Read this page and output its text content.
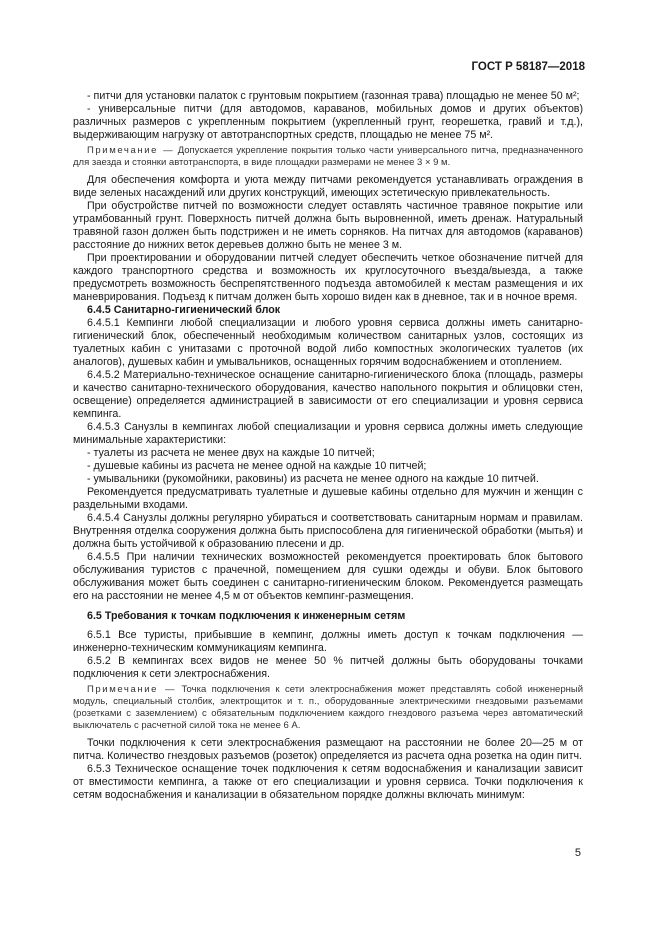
ГОСТ Р 58187—2018

- питчи для установки палаток с грунтовым покрытием (газонная трава) площадью не менее 50 м²;

- универсальные питчи (для автодомов, караванов, мобильных домов и других объектов) различных размеров с укрепленным покрытием (укрепленный грунт, георешетка, гравий и т.д.), выдерживающим нагрузку от автотранспортных средств, площадью не менее 75 м².

Примечание — Допускается укрепление покрытия только части универсального питча, предназначенного для заезда и стоянки автотранспорта, в виде площадки размерами не менее 3 × 9 м.

Для обеспечения комфорта и уюта между питчами рекомендуется устанавливать ограждения в виде зеленых насаждений или других конструкций, имеющих эстетическую привлекательность.

При обустройстве питчей по возможности следует оставлять частичное травяное покрытие или утрамбованный грунт. Поверхность питчей должна быть выровненной, иметь дренаж. Натуральный травяной газон должен быть подстрижен и не иметь сорняков. На питчах для автодомов (караванов) расстояние до нижних веток деревьев должно быть не менее 3 м.

При проектировании и оборудовании питчей следует обеспечить четкое обозначение питчей для каждого транспортного средства и возможность их круглосуточного въезда/выезда, а также предусмотреть возможность беспрепятственного подъезда автомобилей к местам размещения и их маневрирования. Подъезд к питчам должен быть хорошо виден как в дневное, так и в ночное время.

6.4.5 Санитарно-гигиенический блок

6.4.5.1 Кемпинги любой специализации и любого уровня сервиса должны иметь санитарно-гигиенический блок, обеспеченный необходимым количеством санитарных узлов, состоящих из туалетных кабин с унитазами с проточной водой либо компостных экологических туалетов (их аналогов), душевых кабин и умывальников, оснащенных горячим водоснабжением и отоплением.

6.4.5.2 Материально-техническое оснащение санитарно-гигиенического блока (площадь, размеры и качество санитарно-технического оборудования, качество напольного покрытия и облицовки стен, освещение) определяется администрацией в зависимости от его специализации и уровня сервиса кемпинга.

6.4.5.3 Санузлы в кемпингах любой специализации и уровня сервиса должны иметь следующие минимальные характеристики:

- туалеты из расчета не менее двух на каждые 10 питчей;

- душевые кабины из расчета не менее одной на каждые 10 питчей;

- умывальники (рукомойники, раковины) из расчета не менее одного на каждые 10 питчей.

Рекомендуется предусматривать туалетные и душевые кабины отдельно для мужчин и женщин с раздельными входами.

6.4.5.4 Санузлы должны регулярно убираться и соответствовать санитарным нормам и правилам. Внутренняя отделка сооружения должна быть приспособлена для гигиенической обработки (мытья) и должна быть устойчивой к образованию плесени и др.

6.4.5.5 При наличии технических возможностей рекомендуется проектировать блок бытового обслуживания туристов с прачечной, помещением для сушки одежды и обуви. Блок бытового обслуживания может быть соединен с санитарно-гигиеническим блоком. Рекомендуется размещать его на расстоянии не менее 4,5 м от объектов кемпинг-размещения.

6.5 Требования к точкам подключения к инженерным сетям

6.5.1 Все туристы, прибывшие в кемпинг, должны иметь доступ к точкам подключения — инженерно-техническим коммуникациям кемпинга.

6.5.2 В кемпингах всех видов не менее 50 % питчей должны быть оборудованы точками подключения к сети электроснабжения.

Примечание — Точка подключения к сети электроснабжения может представлять собой инженерный модуль, специальный столбик, электрощиток и т. п., оборудованные электрическими гнездовыми разъемами (розетками с заземлением) с обязательным подключением каждого гнездового разъема через автоматический выключатель с расчетной силой тока не менее 6 А.

Точки подключения к сети электроснабжения размещают на расстоянии не более 20—25 м от питча. Количество гнездовых разъемов (розеток) определяется из расчета одна розетка на один питч.

6.5.3 Техническое оснащение точек подключения к сетям водоснабжения и канализации зависит от вместимости кемпинга, а также от его специализации и уровня сервиса. Точки подключения к сетям водоснабжения и канализации в обязательном порядке должны включать минимум:

5
